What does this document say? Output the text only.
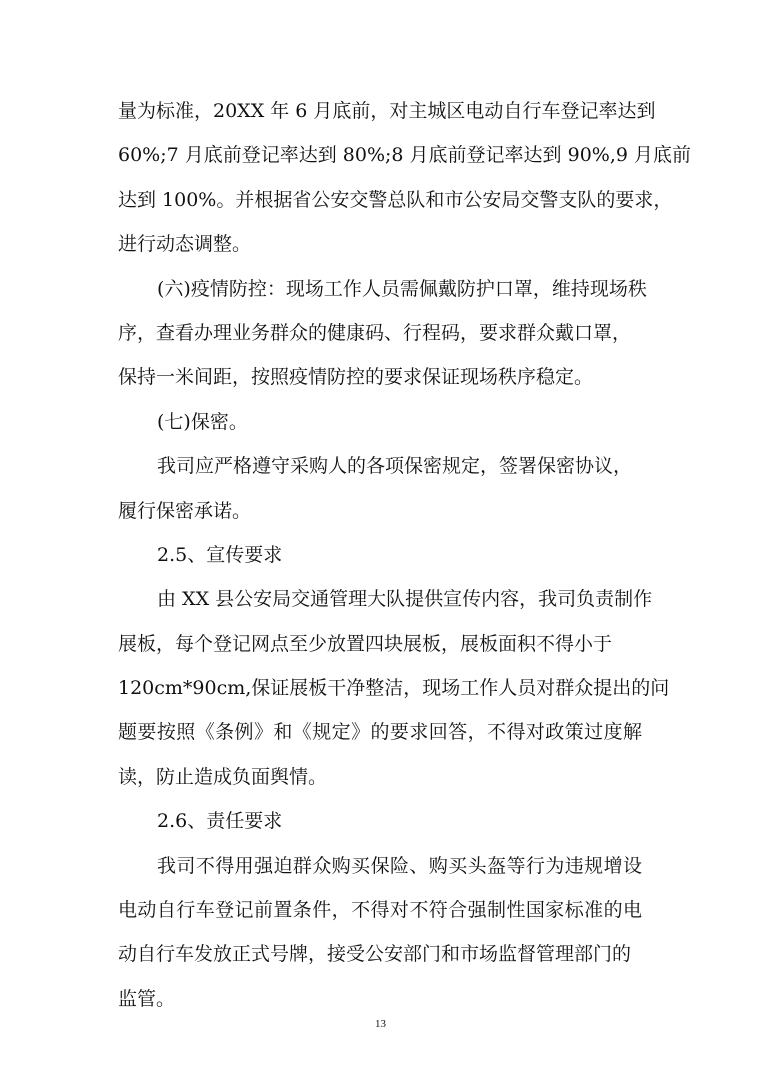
量为标准，20XX 年 6 月底前，对主城区电动自行车登记率达到
60%;7 月底前登记率达到 80%;8 月底前登记率达到 90%,9 月底前
达到 100%。并根据省公安交警总队和市公安局交警支队的要求，
进行动态调整。
(六)疫情防控：现场工作人员需佩戴防护口罩，维持现场秩
序，查看办理业务群众的健康码、行程码，要求群众戴口罩，
保持一米间距，按照疫情防控的要求保证现场秩序稳定。
(七)保密。
我司应严格遵守采购人的各项保密规定，签署保密协议，
履行保密承诺。
2.5、宣传要求
由 XX 县公安局交通管理大队提供宣传内容，我司负责制作
展板，每个登记网点至少放置四块展板，展板面积不得小于
120cm*90cm,保证展板干净整洁，现场工作人员对群众提出的问
题要按照《条例》和《规定》的要求回答，不得对政策过度解
读，防止造成负面舆情。
2.6、责任要求
我司不得用强迫群众购买保险、购买头盔等行为违规增设
电动自行车登记前置条件，不得对不符合强制性国家标准的电
动自行车发放正式号牌，接受公安部门和市场监督管理部门的
监管。
13
